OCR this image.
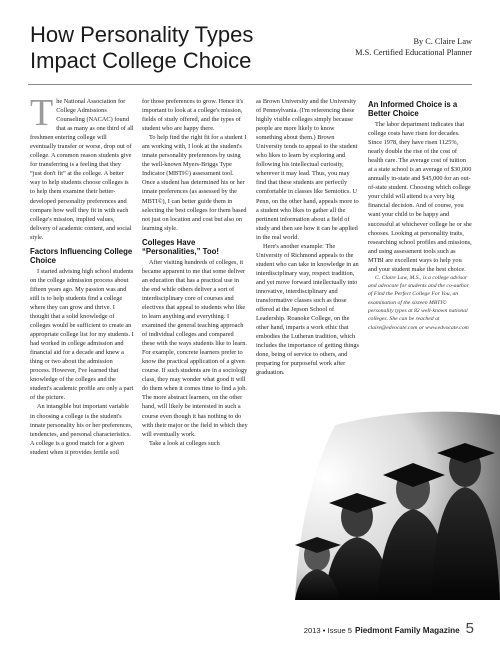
How Personality Types
Impact College Choice
By C. Claire Law
M.S. Certified Educational Planner
T he National Association for College Admissions Counseling (NACAC) found that as many as one third of all freshmen entering college will eventually transfer or worse, drop out of college. A common reason students give for transferring is a feeling that they “just don't fit” at the college. A better way to help students choose colleges is to help them examine their better-developed personality preferences and compare how well they fit in with each college's mission, implied values, delivery of academic content, and social style.

Factors Influencing College Choice

I started advising high school students on the college admission process about fifteen years ago. My passion was and still is to help students find a college where they can grow and thrive. I thought that a solid knowledge of colleges would be sufficient to create an appropriate college list for my students. I had worked in college admission and financial aid for a decade and knew a thing or two about the admission process. However, I've learned that knowledge of the colleges and the student's academic profile are only a part of the picture.

An intangible but important variable in choosing a college is the student's innate personality his or her preferences, tendencies, and personal characteristics. A college is a good match for a given student when it provides fertile soil

for those preferences to grow. Hence it's important to look at a college's mission, fields of study offered, and the types of student who are happy there.

To help find the right fit for a student I am working with, I look at the student's innate personality preferences by using the well-known Myers-Briggs Type Indicator (MBTI©) assessment tool. Once a student has determined his or her innate preferences (as assessed by the MBTI©), I can better guide them in selecting the best colleges for them based not just on location and cost but also on learning style.

Colleges Have “Personalities,” Too!

After visiting hundreds of colleges, it became apparent to me that some deliver an education that has a practical use in the end while others deliver a sort of interdisciplinary core of courses and electives that appeal to students who like to learn anything and everything. I examined the general teaching approach of individual colleges and compared these with the ways students like to learn. For example, concrete learners prefer to know the practical application of a given course. If such students are in a sociology class, they may wonder what good it will do them when it comes time to find a job. The more abstract learners, on the other hand, will likely be interested in such a course even though it has nothing to do with their major or the field in which they will eventually work.

Take a look at colleges such

as Brown University and the University of Pennsylvania. (I'm referencing these highly visible colleges simply because people are more likely to know something about them.) Brown University tends to appeal to the student who likes to learn by exploring and following his intellectual curiosity, wherever it may lead. Thus, you may find that these students are perfectly comfortable in classes like Semiotics. U Penn, on the other hand, appeals more to a student who likes to gather all the pertinent information about a field of study and then see how it can be applied in the real world.

Here's another example: The University of Richmond appeals to the student who can take in knowledge in an interdisciplinary way, respect tradition, and yet move forward intellectually into innovative, interdisciplinary and transformative classes such as those offered at the Jepson School of Leadership. Roanoke College, on the other hand, imparts a work ethic that embodies the Lutheran tradition, which includes the importance of getting things done, being of service to others, and preparing for purposeful work after graduation.

An Informed Choice is a Better Choice

The labor department indicates that college costs have risen for decades. Since 1978, they have risen 1125%, nearly double the rise of the cost of health care. The average cost of tuition at a state school is an average of $30,000 annually in-state and $45,000 for an out-of-state student. Choosing which college your child will attend is a very big financial decision. And of course, you want your child to be happy and successful at whichever college he or she chooses. Looking at personality traits, researching school profiles and missions, and using assessment tools such as MTBI are excellent ways to help you and your student make the best choice.

C. Claire Law, M.S., is a college advisor and advocate for students and the co-author of Find the Perfect College For You, an examination of the sixteen MBTI© personality types at 82 well-known national colleges. She can be reached at claire@edvocate.com or www.edvocate.com

2013 • Issue 5 Piedmont Family Magazine 5
